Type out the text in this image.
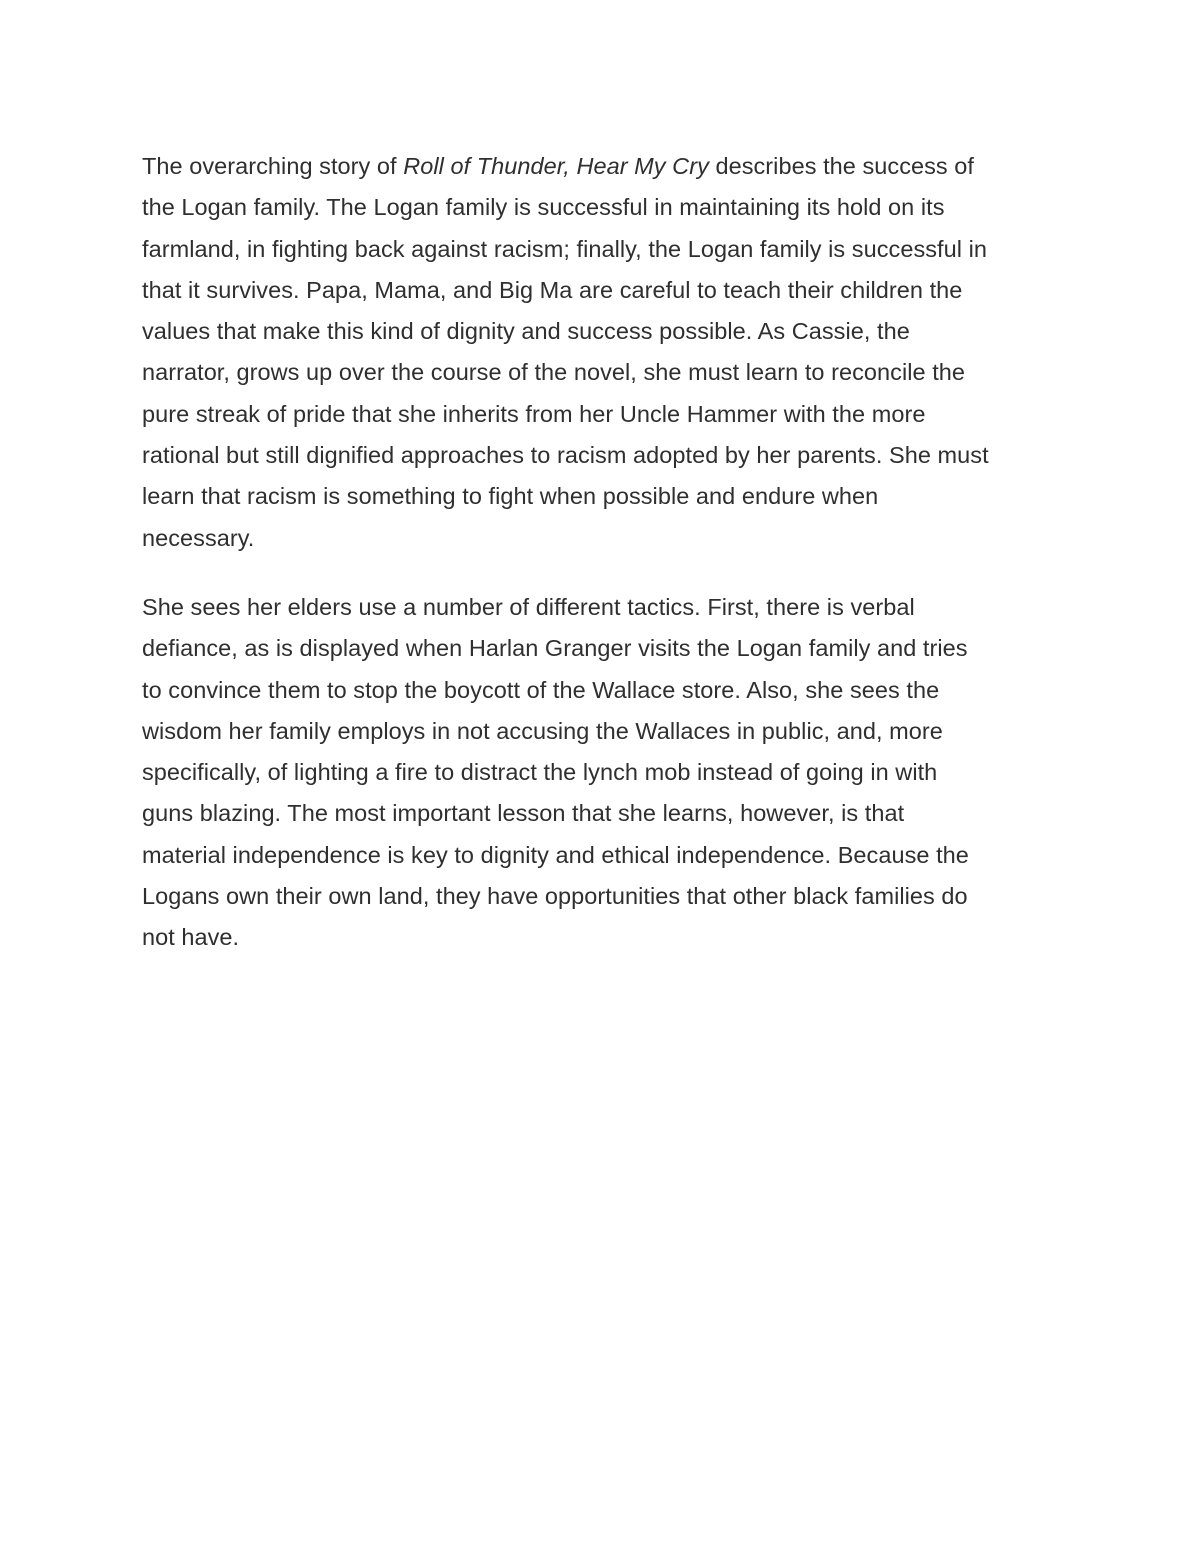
The overarching story of Roll of Thunder, Hear My Cry describes the success of
the Logan family. The Logan family is successful in maintaining its hold on its
farmland, in fighting back against racism; finally, the Logan family is successful in
that it survives. Papa, Mama, and Big Ma are careful to teach their children the
values that make this kind of dignity and success possible. As Cassie, the
narrator, grows up over the course of the novel, she must learn to reconcile the
pure streak of pride that she inherits from her Uncle Hammer with the more
rational but still dignified approaches to racism adopted by her parents. She must
learn that racism is something to fight when possible and endure when
necessary.

She sees her elders use a number of different tactics. First, there is verbal
defiance, as is displayed when Harlan Granger visits the Logan family and tries
to convince them to stop the boycott of the Wallace store. Also, she sees the
wisdom her family employs in not accusing the Wallaces in public, and, more
specifically, of lighting a fire to distract the lynch mob instead of going in with
guns blazing. The most important lesson that she learns, however, is that
material independence is key to dignity and ethical independence. Because the
Logans own their own land, they have opportunities that other black families do
not have.
